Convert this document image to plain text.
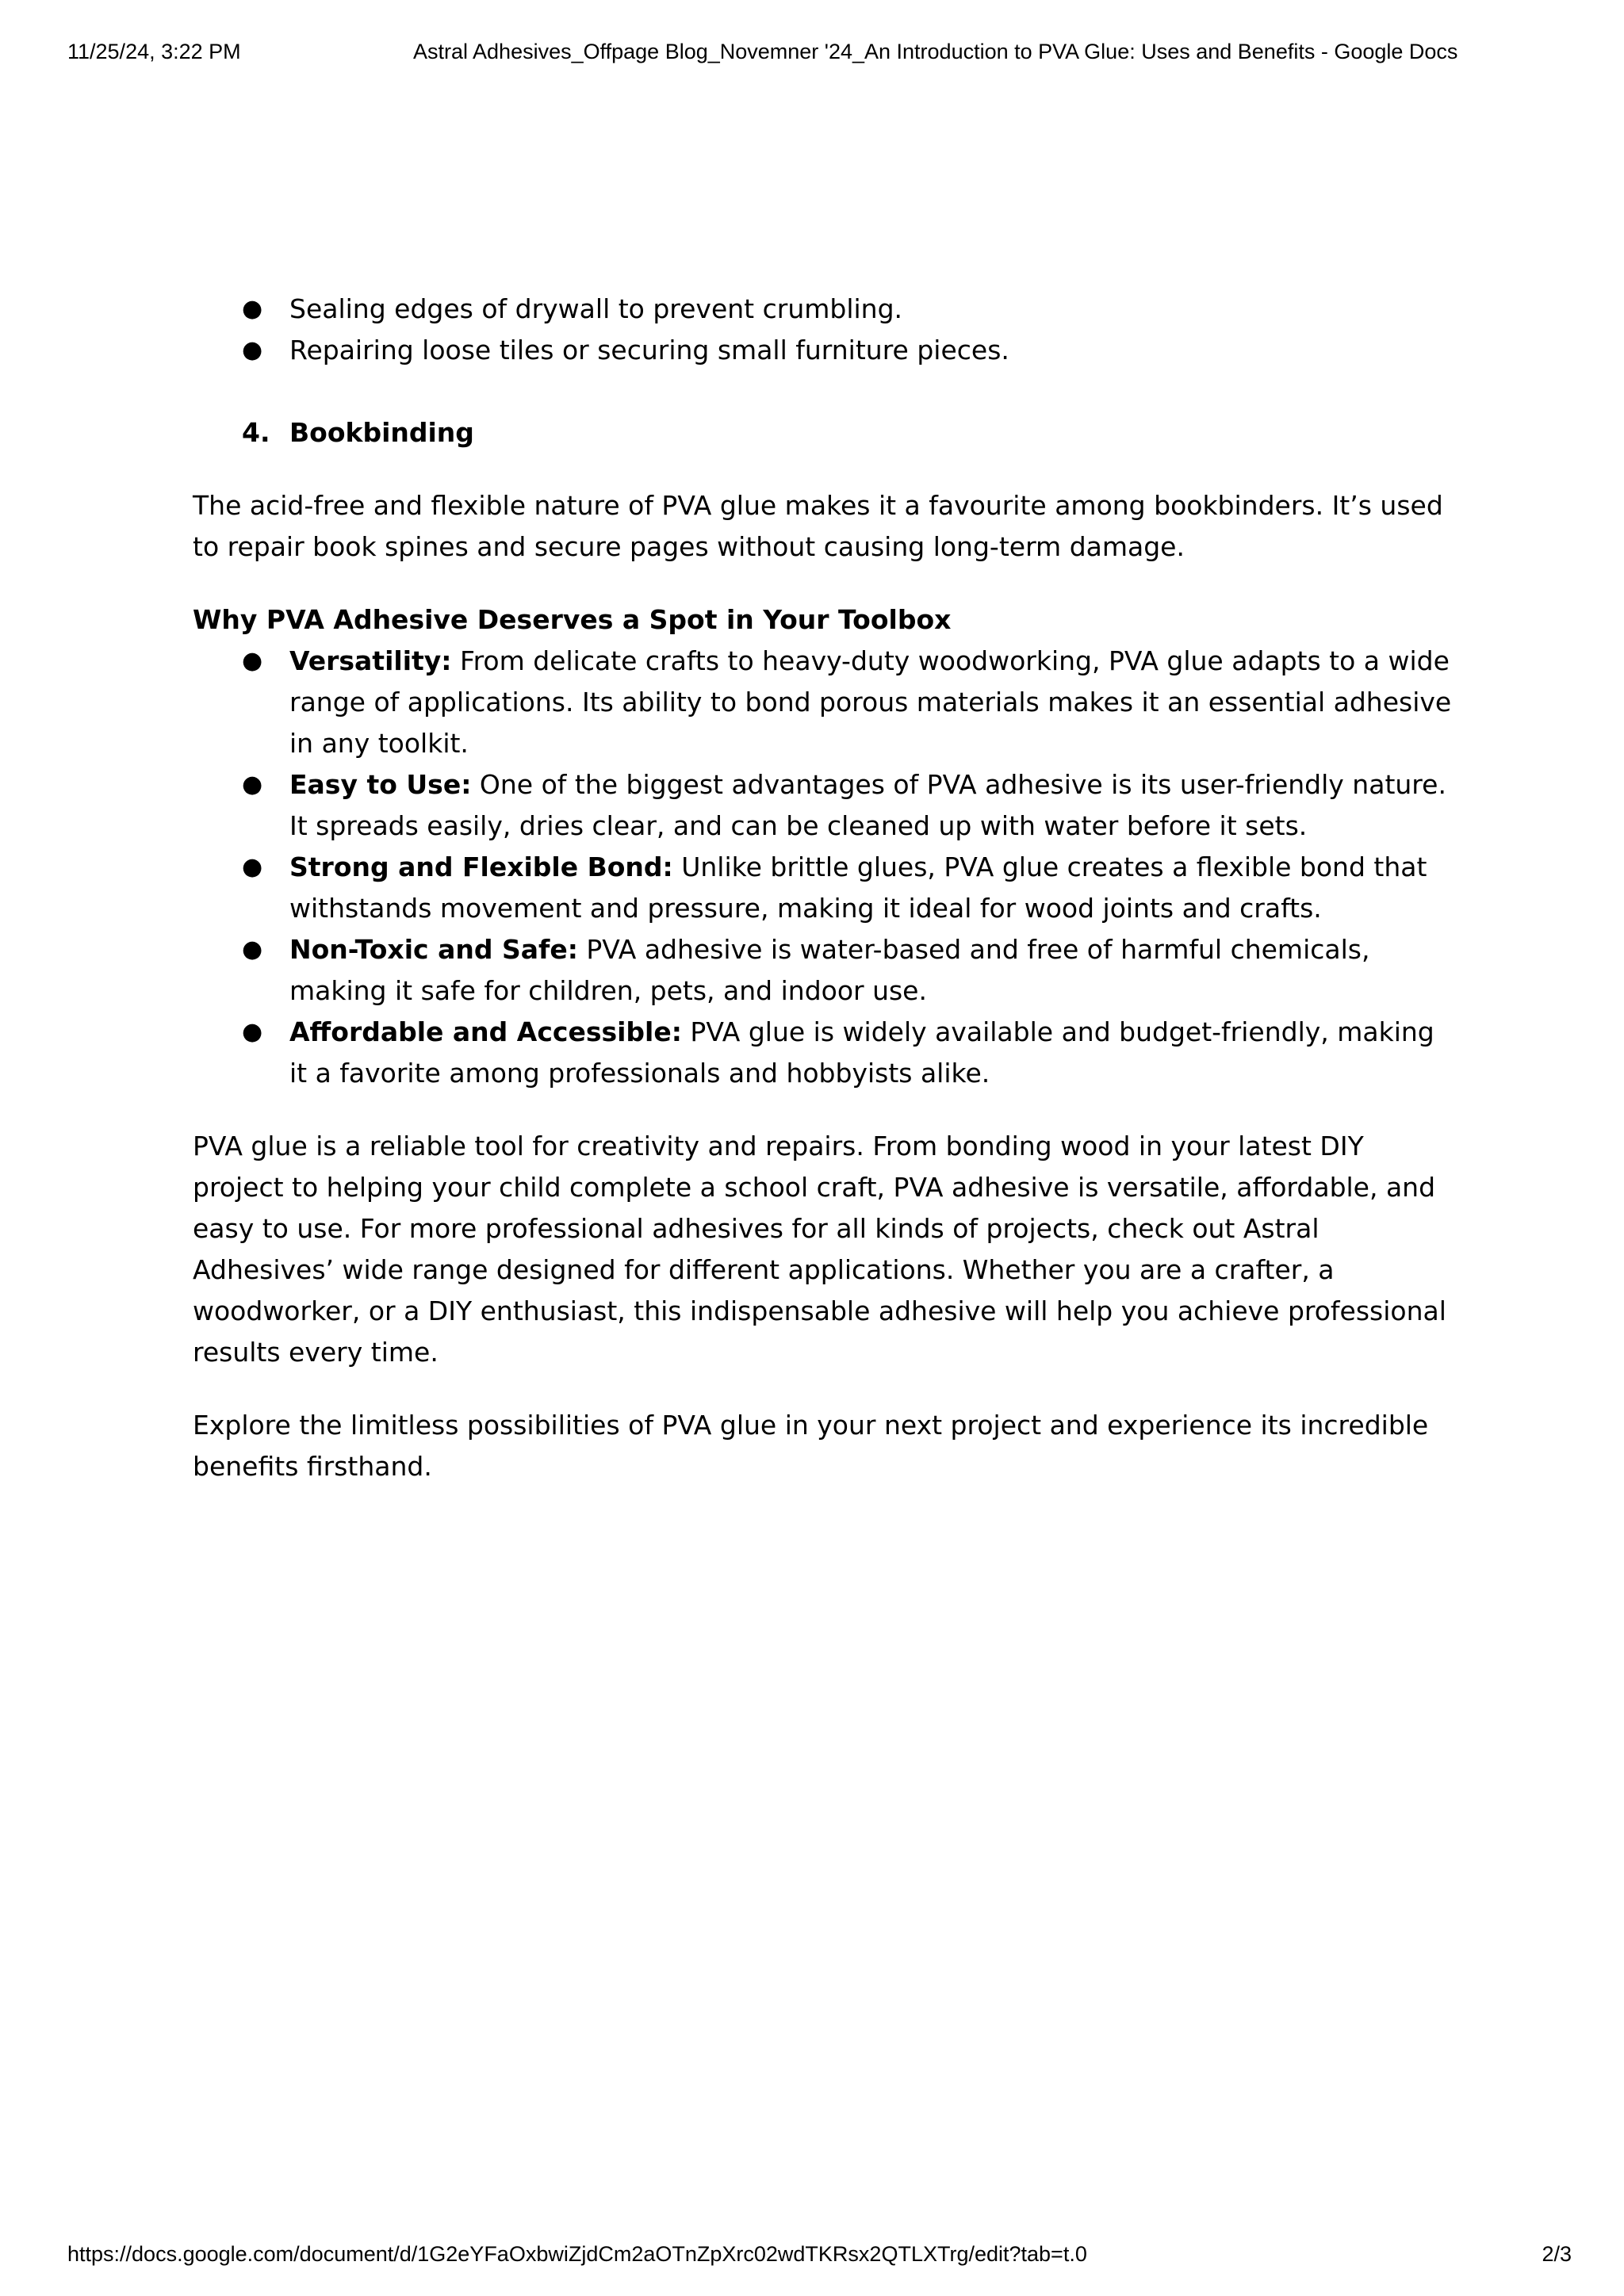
11/25/24, 3:22 PM	Astral Adhesives_Offpage Blog_Novemner '24_An Introduction to PVA Glue: Uses and Benefits - Google Docs
● Sealing edges of drywall to prevent crumbling.
● Repairing loose tiles or securing small furniture pieces.
4. Bookbinding

The acid-free and flexible nature of PVA glue makes it a favourite among bookbinders. It’s used to repair book spines and secure pages without causing long-term damage.

Why PVA Adhesive Deserves a Spot in Your Toolbox

● Versatility: From delicate crafts to heavy-duty woodworking, PVA glue adapts to a wide range of applications. Its ability to bond porous materials makes it an essential adhesive in any toolkit.
● Easy to Use: One of the biggest advantages of PVA adhesive is its user-friendly nature. It spreads easily, dries clear, and can be cleaned up with water before it sets.
● Strong and Flexible Bond: Unlike brittle glues, PVA glue creates a flexible bond that withstands movement and pressure, making it ideal for wood joints and crafts.
● Non-Toxic and Safe: PVA adhesive is water-based and free of harmful chemicals, making it safe for children, pets, and indoor use.
● Affordable and Accessible: PVA glue is widely available and budget-friendly, making it a favorite among professionals and hobbyists alike.

PVA glue is a reliable tool for creativity and repairs. From bonding wood in your latest DIY project to helping your child complete a school craft, PVA adhesive is versatile, affordable, and easy to use. For more professional adhesives for all kinds of projects, check out Astral Adhesives’ wide range designed for different applications. Whether you are a crafter, a woodworker, or a DIY enthusiast, this indispensable adhesive will help you achieve professional results every time.

Explore the limitless possibilities of PVA glue in your next project and experience its incredible benefits firsthand.

https://docs.google.com/document/d/1G2eYFaOxbwiZjdCm2aOTnZpXrc02wdTKRsx2QTLXTrg/edit?tab=t.0	2/3
